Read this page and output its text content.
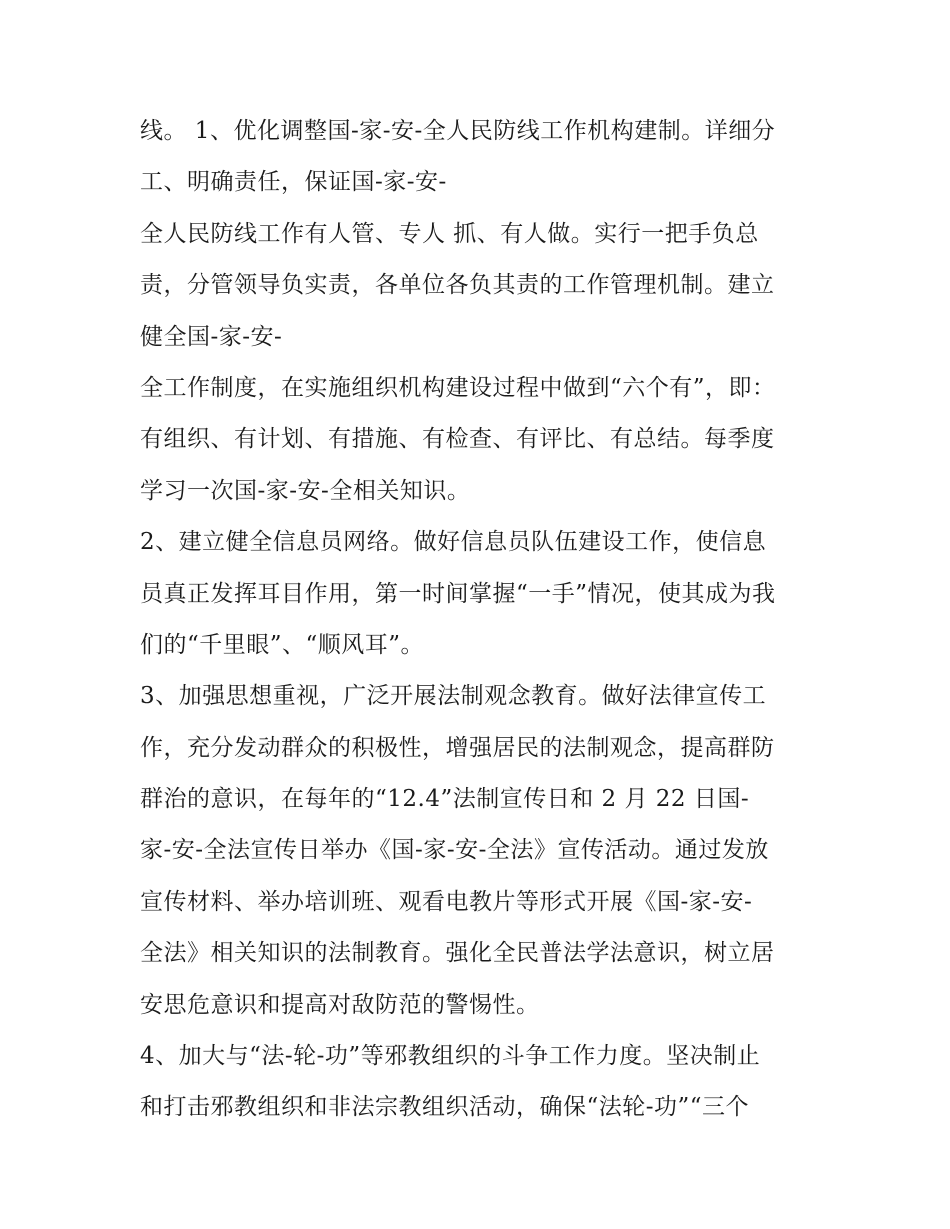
线。 1、优化调整国-家-安-全人民防线工作机构建制。详细分
工、明确责任，保证国-家-安-
全人民防线工作有人管、专人 抓、有人做。实行一把手负总
责，分管领导负实责，各单位各负其责的工作管理机制。建立
健全国-家-安-
全工作制度，在实施组织机构建设过程中做到“六个有”，即：
有组织、有计划、有措施、有检查、有评比、有总结。每季度
学习一次国-家-安-全相关知识。
2、建立健全信息员网络。做好信息员队伍建设工作，使信息
员真正发挥耳目作用，第一时间掌握“一手”情况，使其成为我
们的“千里眼”、“顺风耳”。
3、加强思想重视，广泛开展法制观念教育。做好法律宣传工
作，充分发动群众的积极性，增强居民的法制观念，提高群防
群治的意识，在每年的“12.4”法制宣传日和 2 月 22 日国-
家-安-全法宣传日举办《国-家-安-全法》宣传活动。通过发放
宣传材料、举办培训班、观看电教片等形式开展《国-家-安-
全法》相关知识的法制教育。强化全民普法学法意识，树立居
安思危意识和提高对敌防范的警惕性。
4、加大与“法-轮-功”等邪教组织的斗争工作力度。坚决制止
和打击邪教组织和非法宗教组织活动，确保“法轮-功”“三个
